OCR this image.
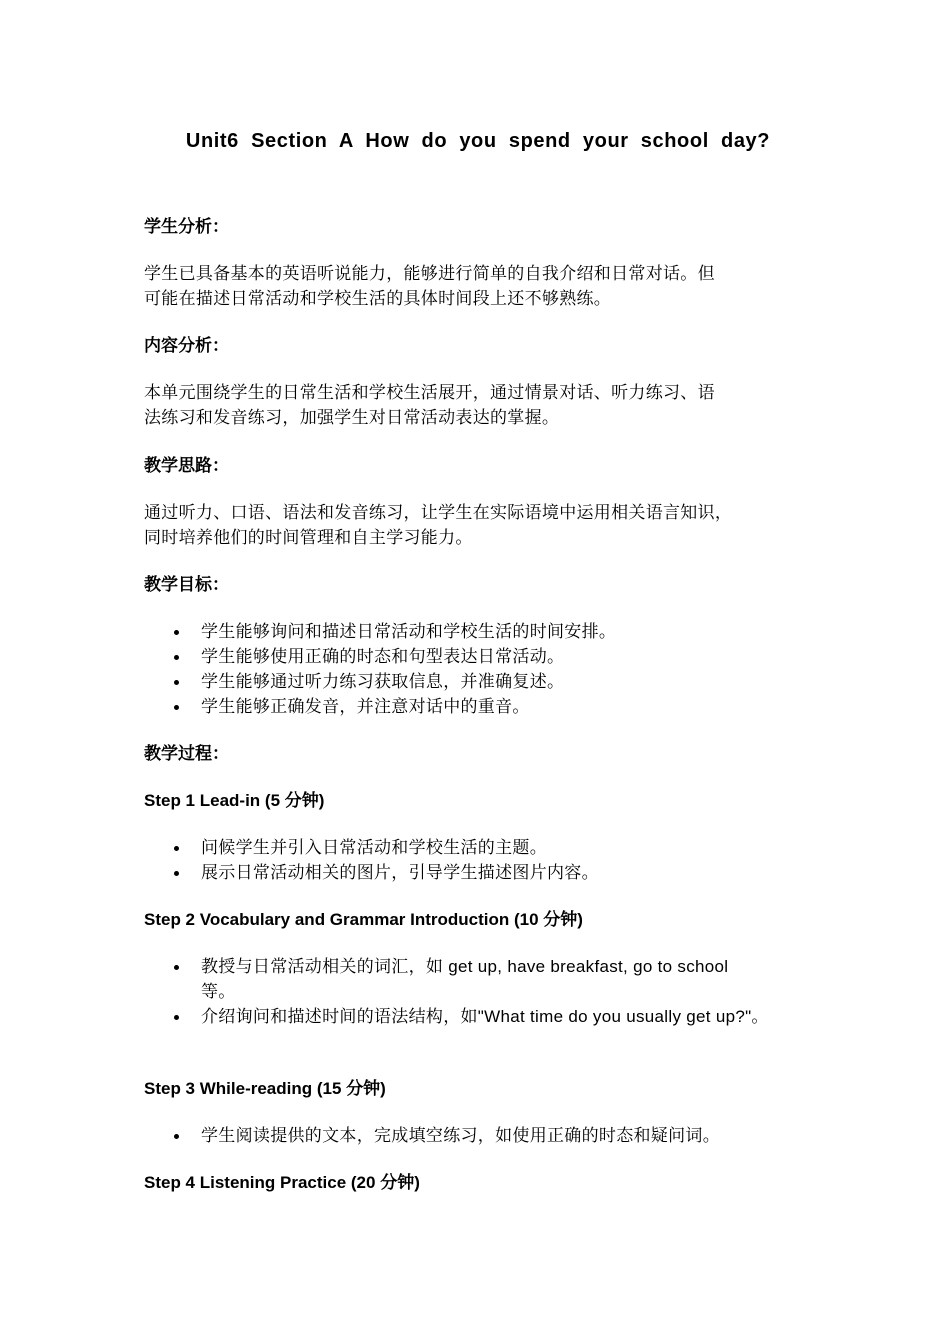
Unit6 Section A How do you spend your school day?
学生分析：
学生已具备基本的英语听说能力，能够进行简单的自我介绍和日常对话。但
可能在描述日常活动和学校生活的具体时间段上还不够熟练。
内容分析：
本单元围绕学生的日常生活和学校生活展开，通过情景对话、听力练习、语
法练习和发音练习，加强学生对日常活动表达的掌握。
教学思路：
通过听力、口语、语法和发音练习，让学生在实际语境中运用相关语言知识，
同时培养他们的时间管理和自主学习能力。
教学目标：
学生能够询问和描述日常活动和学校生活的时间安排。
学生能够使用正确的时态和句型表达日常活动。
学生能够通过听力练习获取信息，并准确复述。
学生能够正确发音，并注意对话中的重音。
教学过程：
Step 1 Lead-in (5 分钟)
问候学生并引入日常活动和学校生活的主题。
展示日常活动相关的图片，引导学生描述图片内容。
Step 2 Vocabulary and Grammar Introduction (10 分钟)
教授与日常活动相关的词汇，如 get up, have breakfast, go to school 等。
介绍询问和描述时间的语法结构，如"What time do you usually get up?"。
Step 3 While-reading (15 分钟)
学生阅读提供的文本，完成填空练习，如使用正确的时态和疑问词。
Step 4 Listening Practice (20 分钟)
